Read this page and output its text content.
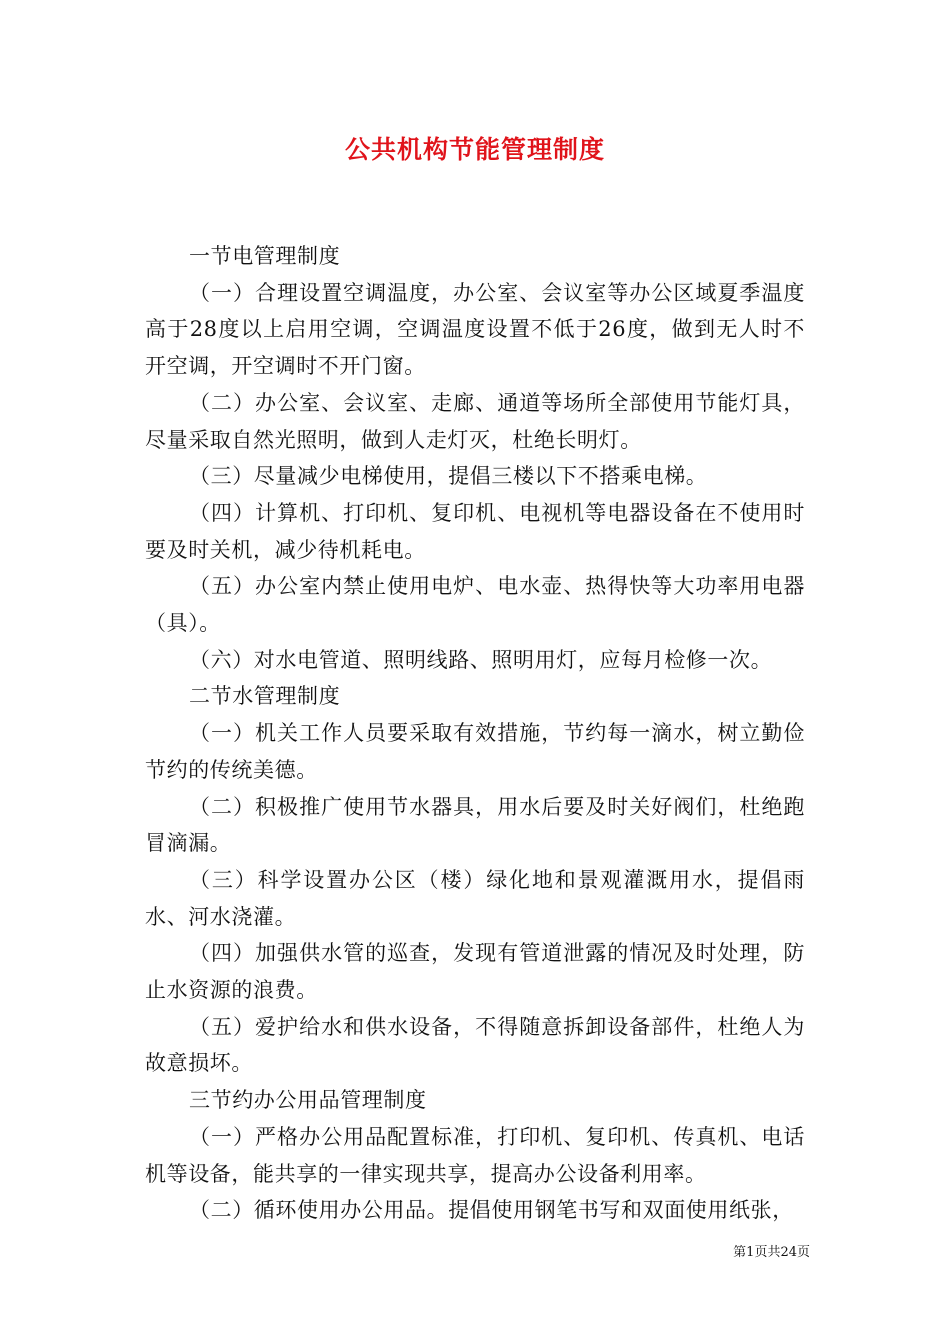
公共机构节能管理制度

一节电管理制度

（一）合理设置空调温度，办公室、会议室等办公区域夏季温度高于28度以上启用空调，空调温度设置不低于26度，做到无人时不开空调，开空调时不开门窗。

（二）办公室、会议室、走廊、通道等场所全部使用节能灯具，尽量采取自然光照明，做到人走灯灭，杜绝长明灯。

（三）尽量减少电梯使用，提倡三楼以下不搭乘电梯。

（四）计算机、打印机、复印机、电视机等电器设备在不使用时要及时关机，减少待机耗电。

（五）办公室内禁止使用电炉、电水壶、热得快等大功率用电器（具）。

（六）对水电管道、照明线路、照明用灯，应每月检修一次。

二节水管理制度

（一）机关工作人员要采取有效措施，节约每一滴水，树立勤俭节约的传统美德。

（二）积极推广使用节水器具，用水后要及时关好阀们，杜绝跑冒滴漏。

（三）科学设置办公区（楼）绿化地和景观灌溉用水，提倡雨水、河水浇灌。

（四）加强供水管的巡查，发现有管道泄露的情况及时处理，防止水资源的浪费。

（五）爱护给水和供水设备，不得随意拆卸设备部件，杜绝人为故意损坏。

三节约办公用品管理制度

（一）严格办公用品配置标准，打印机、复印机、传真机、电话机等设备，能共享的一律实现共享，提高办公设备利用率。

（二）循环使用办公用品。提倡使用钢笔书写和双面使用纸张，

第1页共24页
